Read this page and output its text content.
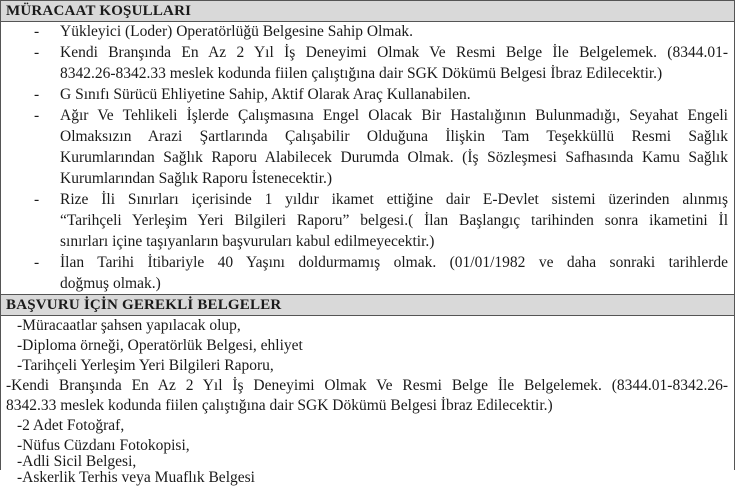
MÜRACAAT KOŞULLARI
- Yükleyici (Loder) Operatörlüğü Belgesine Sahip Olmak.
- Kendi Branşında En Az 2 Yıl İş Deneyimi Olmak Ve Resmi Belge İle Belgelemek. (8344.01-
8342.26-8342.33 meslek kodunda fiilen çalıştığına dair SGK Dökümü Belgesi İbraz Edilecektir.)
- G Sınıfı Sürücü Ehliyetine Sahip, Aktif Olarak Araç Kullanabilen.
- Ağır Ve Tehlikeli İşlerde Çalışmasına Engel Olacak Bir Hastalığının Bulunmadığı, Seyahat Engeli
Olmaksızın Arazi Şartlarında Çalışabilir Olduğuna İlişkin Tam Teşekküllü Resmi Sağlık
Kurumlarından Sağlık Raporu Alabilecek Durumda Olmak. (İş Sözleşmesi Safhasında Kamu Sağlık
Kurumlarından Sağlık Raporu İstenecektir.)
- Rize İli Sınırları içerisinde 1 yıldır ikamet ettiğine dair E-Devlet sistemi üzerinden alınmış
“Tarihçeli Yerleşim Yeri Bilgileri Raporu” belgesi.( İlan Başlangıç tarihinden sonra ikametini İl
sınırları içine taşıyanların başvuruları kabul edilmeyecektir.)
- İlan Tarihi İtibariyle 40 Yaşını doldurmamış olmak. (01/01/1982 ve daha sonraki tarihlerde
doğmuş olmak.)
BAŞVURU İÇİN GEREKLİ BELGELER
-Müracaatlar şahsen yapılacak olup,
-Diploma örneği, Operatörlük Belgesi, ehliyet
-Tarihçeli Yerleşim Yeri Bilgileri Raporu,
-Kendi Branşında En Az 2 Yıl İş Deneyimi Olmak Ve Resmi Belge İle Belgelemek. (8344.01-8342.26-
8342.33 meslek kodunda fiilen çalıştığına dair SGK Dökümü Belgesi İbraz Edilecektir.)
-2 Adet Fotoğraf,
-Nüfus Cüzdanı Fotokopisi,
-Adli Sicil Belgesi,
-Askerlik Terhis veya Muaflık Belgesi
